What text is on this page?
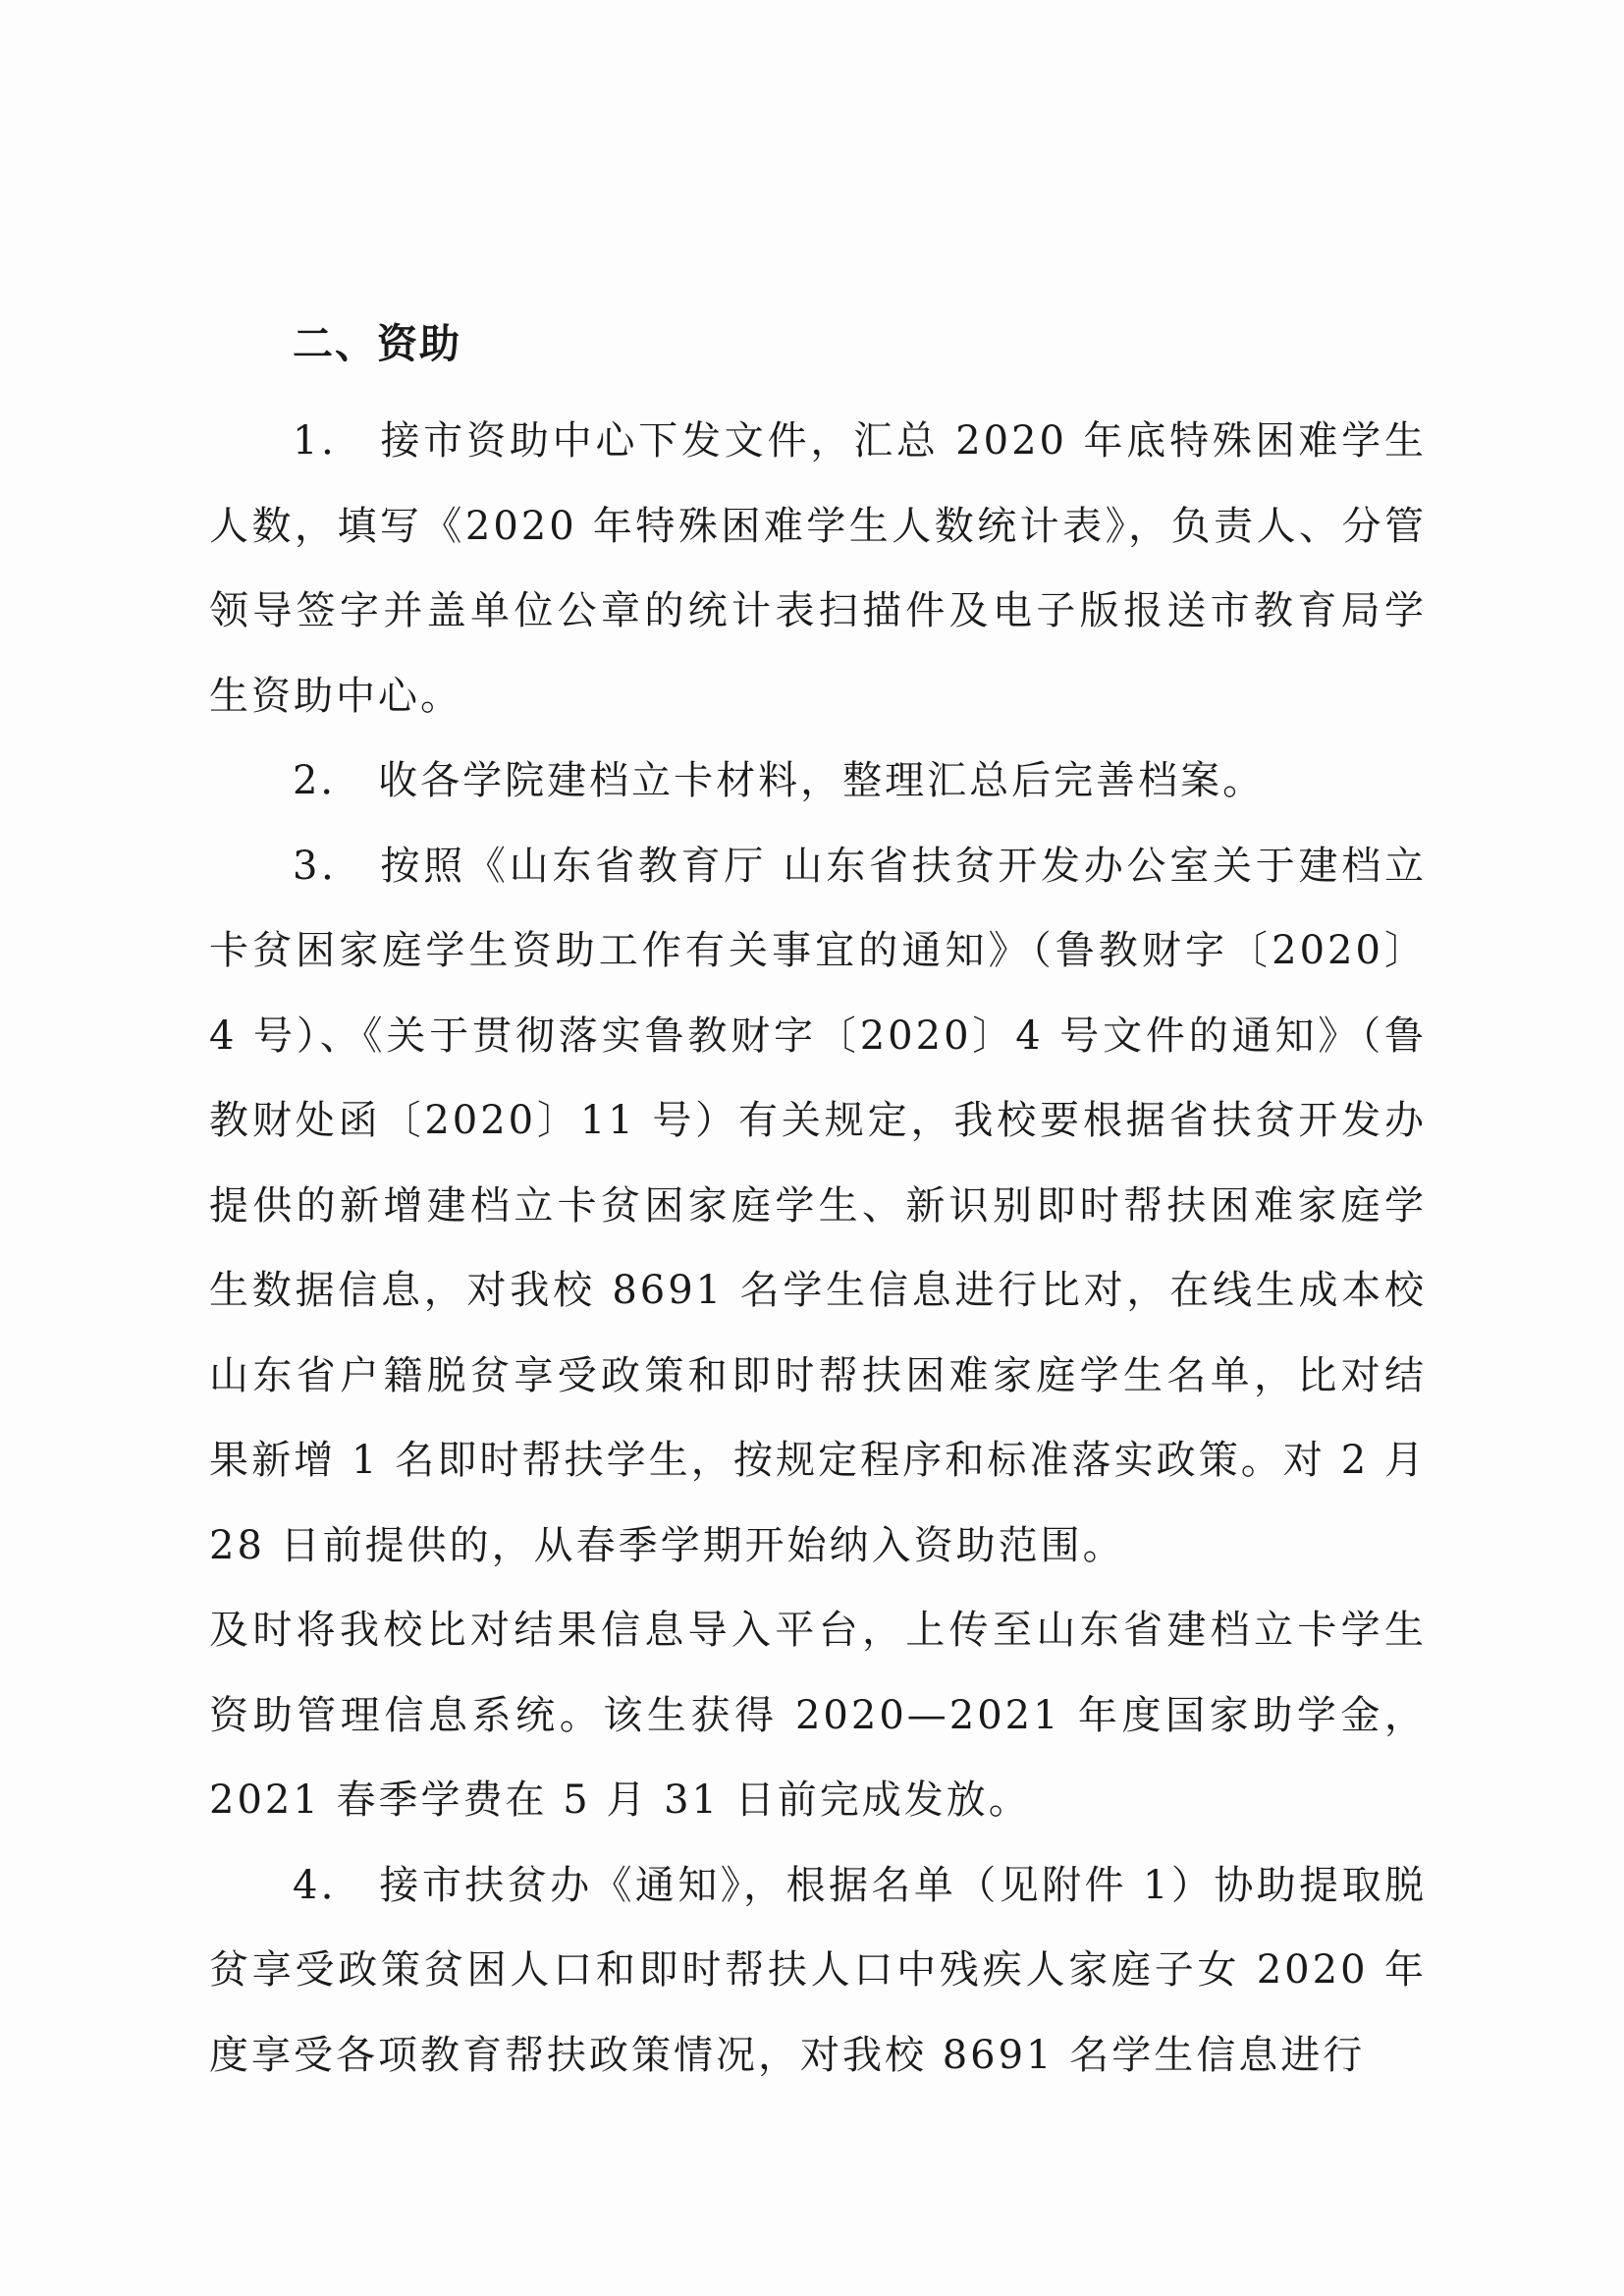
二、资助

1． 接市资助中心下发文件，汇总 2020 年底特殊困难学生人数，填写《2020 年特殊困难学生人数统计表》，负责人、分管领导签字并盖单位公章的统计表扫描件及电子版报送市教育局学生资助中心。

2． 收各学院建档立卡材料，整理汇总后完善档案。

3． 按照《山东省教育厅 山东省扶贫开发办公室关于建档立卡贫困家庭学生资助工作有关事宜的通知》（鲁教财字〔2020〕4 号）、《关于贯彻落实鲁教财字〔2020〕4 号文件的通知》（鲁教财处函〔2020〕11 号）有关规定，我校要根据省扶贫开发办提供的新增建档立卡贫困家庭学生、新识别即时帮扶困难家庭学生数据信息，对我校 8691 名学生信息进行比对，在线生成本校山东省户籍脱贫享受政策和即时帮扶困难家庭学生名单，比对结果新增 1 名即时帮扶学生，按规定程序和标准落实政策。对 2 月 28 日前提供的，从春季学期开始纳入资助范围。

及时将我校比对结果信息导入平台，上传至山东省建档立卡学生资助管理信息系统。该生获得 2020—2021 年度国家助学金，2021 春季学费在 5 月 31 日前完成发放。

4． 接市扶贫办《通知》，根据名单（见附件 1）协助提取脱贫享受政策贫困人口和即时帮扶人口中残疾人家庭子女 2020 年度享受各项教育帮扶政策情况，对我校 8691 名学生信息进行
